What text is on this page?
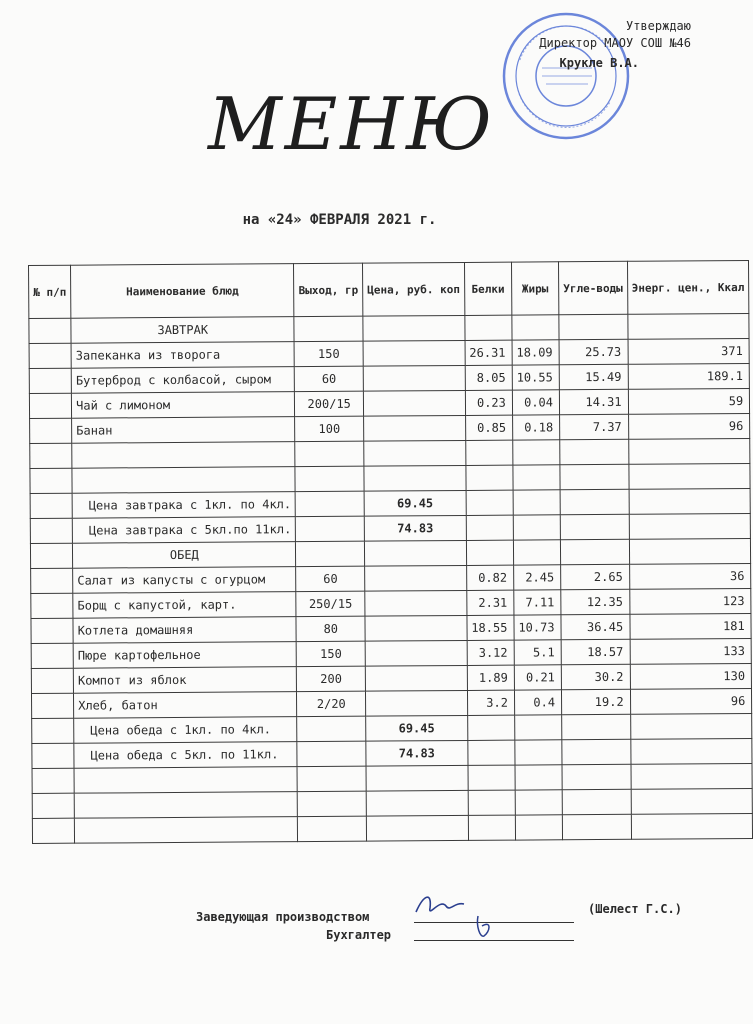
Утверждаю
Директор МАОУ СОШ №46
Крукле В.А.
МЕНЮ
на «24» ФЕВРАЛЯ 2021 г.
№ п/п	Наименование блюд	Выход, гр	Цена, руб. коп	Белки	Жиры	Угле-воды	Энерг. цен., Ккал
	ЗАВТРАК						
	Запеканка из творога	150		26.31	18.09	25.73	371
	Бутерброд с колбасой, сыром	60		8.05	10.55	15.49	189.1
	Чай с лимоном	200/15		0.23	0.04	14.31	59
	Банан	100		0.85	0.18	7.37	96

	Цена завтрака с 1кл. по 4кл.		69.45				
	Цена завтрака с 5кл.по 11кл.		74.83				
	ОБЕД						
	Салат из капусты с огурцом	60		0.82	2.45	2.65	36
	Борщ с капустой, карт.	250/15		2.31	7.11	12.35	123
	Котлета домашняя	80		18.55	10.73	36.45	181
	Пюре картофельное	150		3.12	5.1	18.57	133
	Компот из яблок	200		1.89	0.21	30.2	130
	Хлеб, батон	2/20		3.2	0.4	19.2	96
	Цена обеда с 1кл. по 4кл.		69.45				
	Цена обеда с 5кл. по 11кл.		74.83				

Заведующая производством
(Шелест Г.С.)
Бухгалтер
